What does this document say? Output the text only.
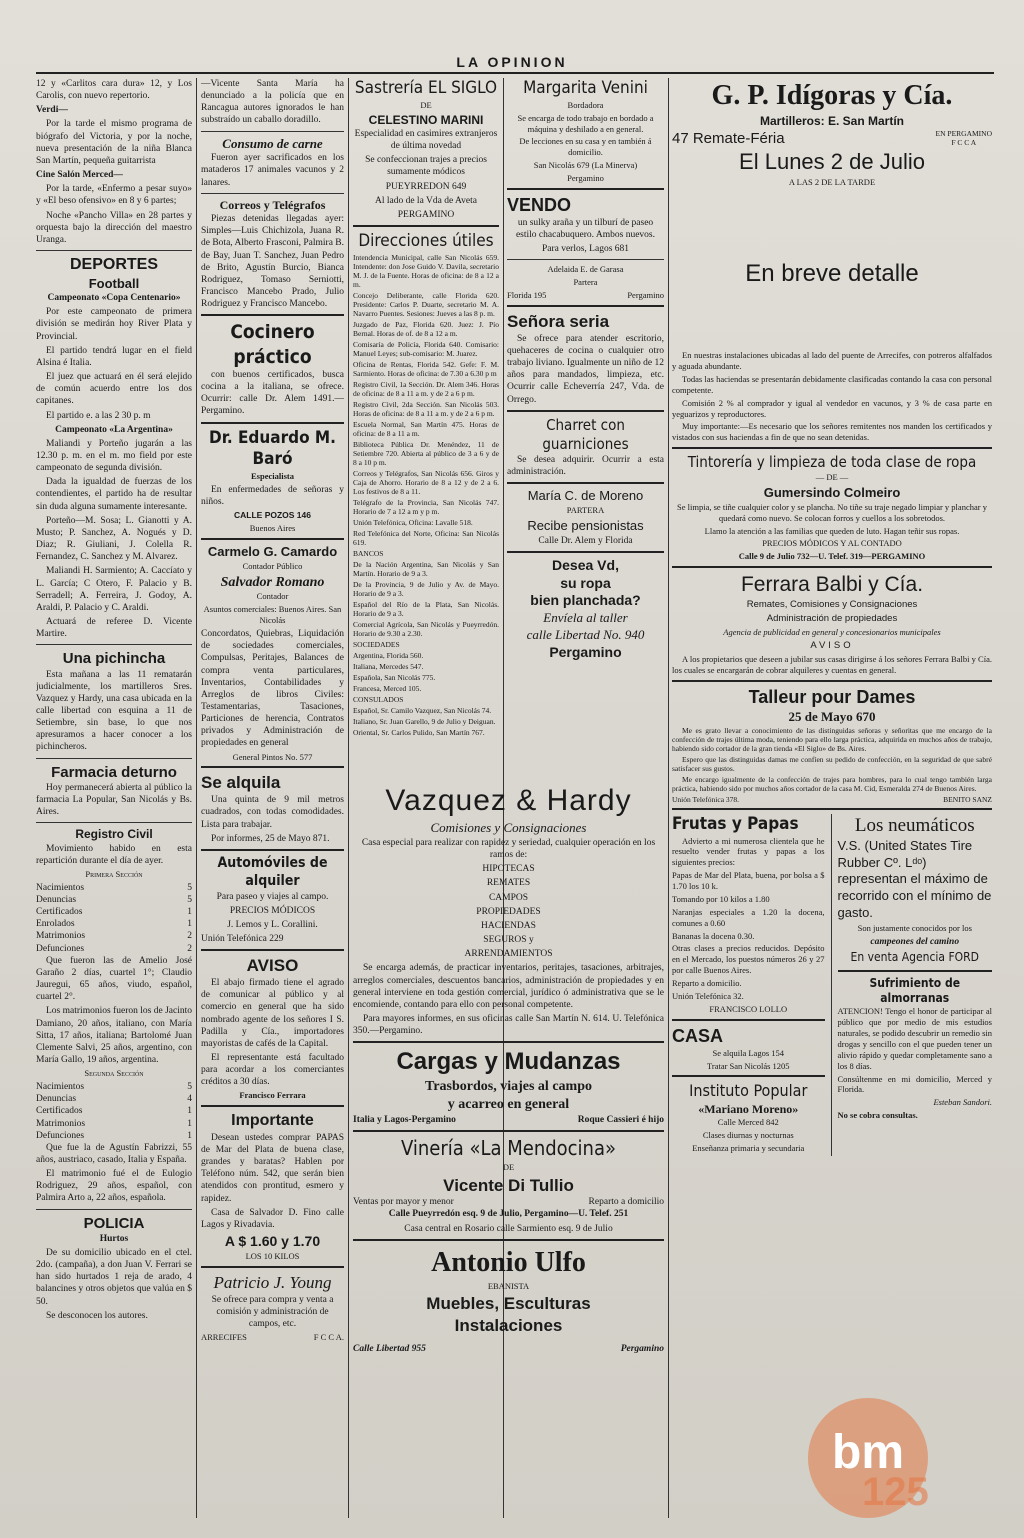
LA OPINION

12 y «Carlitos cara dura» 12, y Los Carolis, con nuevo repertorio.

Verdi—

Por la tarde el mismo programa de biógrafo del Victoria, y por la noche, nueva presentación de la niña Blanca San Martín, pequeña guitarrista

Cine Salón Merced—

Por la tarde, «Enfermo a pesar suyo» y «El beso ofensivo» en 8 y 6 partes;

Noche «Pancho Villa» en 28 partes y orquesta bajo la dirección del maestro Uranga.

DEPORTES
Football

Campeonato «Copa Centenario»

Por este campeonato de primera división se medirán hoy River Plata y Provincial.

El partido tendrá lugar en el field Alsina é Italia.

El juez que actuará en él será elejido de común acuerdo entre los dos capitanes.

El partido e. a las 2 30 p. m

Campeonato «La Argentina»

Maliandi y Porteño jugarán a las 12.30 p. m. en el m. mo field por este campeonato de segunda división.

Dada la igualdad de fuerzas de los contendientes, el partido ha de resultar sin duda alguna sumamente interesante.

Porteño—M. Sosa; L. Gianotti y A. Musto; P. Sanchez, A. Nogués y D. Diaz; R. Giuliani, J. Colella R. Fernandez, C. Sanchez y M. Alvarez.

Maliandi H. Sarmiento; A. Caccíato y L. García; C Otero, F. Palacio y B. Serradell; A. Ferreira, J. Godoy, A. Araldi, P. Palacio y C. Araldi.

Actuará de referee D. Vicente Martire.

Una pichincha

Esta mañana a las 11 rematarán judicialmente, los martilleros Sres. Vazquez y Hardy, una casa ubicada en la calle libertad con esquina a 11 de Setiembre, sin base, lo que nos apresuramos a hacer conocer a los pichincheros.

Farmacia deturno

Hoy permanecerá abierta al público la farmacia La Popular, San Nicolás y Bs. Aires.

Registro Civil

Movimiento habido en esta repartición durante el día de ayer.

Primera Sección

Nacimientos	5
Denuncias	5
Certificados	1
Enrolados	1
Matrimonios	2
Defunciones	2

Que fueron las de Amelio José Garaño 2 días, cuartel 1°; Claudio Jauregui, 65 años, viudo, español, cuartel 2°.

Los matrimonios fueron los de Jacinto Damiano, 20 años, italiano, con María Sitta, 17 años, italiana; Bartolomé Juan Clemente Salvi, 25 años, argentino, con María Gallo, 19 años, argentina.

Segunda Sección

Nacimientos	5
Denuncias	4
Certificados	1
Matrimonios	1
Defunciones	1

Que fue la de Agustín Fabrizzi, 55 años, austriaco, casado, Italia y España.

El matrimonio fué el de Eulogio Rodriguez, 29 años, español, con Palmira Arto a, 22 años, española.

POLICIA

Hurtos

De su domicilio ubicado en el ctel. 2do. (campaña), a don Juan V. Ferrari se han sido hurtados 1 reja de arado, 4 balancines y otros objetos que valúa en $ 50.

Se desconocen los autores.

—Vicente Santa María ha denunciado a la policía que en Rancagua autores ignorados le han substraído un caballo doradillo.

Consumo de carne

Fueron ayer sacrificados en los mataderos 17 animales vacunos y 2 lanares.

Correos y Telégrafos

Piezas detenidas llegadas ayer: Simples—Luis Chichizola, Juana R. de Bota, Alberto Frasconi, Palmira B. de Bay, Juan T. Sanchez, Juan Pedro de Brito, Agustín Burcio, Bianca Rodriguez, Tomaso Serniotti, Francisco Mancebo Prado, Julio Rodriguez y Francisco Mancebo.

Cocinero práctico

con buenos certificados, busca cocina a la italiana, se ofrece. Ocurrir: calle Dr. Alem 1491.—Pergamino.

Dr. Eduardo M. Baró

Especialista

En enfermedades de señoras y niños.

CALLE POZOS 146

Buenos Aires

Carmelo G. Camardo

Contador Público

Salvador Romano

Contador

Asuntos comerciales: Buenos Aires. San Nicolás

Concordatos, Quiebras, Liquidación de sociedades comerciales, Compulsas, Peritajes, Balances de compra venta particulares, Inventarios, Contabilidades y Arreglos de libros Civiles: Testamentarias, Tasaciones, Particiones de herencia, Contratos privados y Administración de propiedades en general

General Pintos No. 577

Se alquila

Una quinta de 9 mil metros cuadrados, con todas comodidades. Lista para trabajar.

Por informes, 25 de Mayo 871.

Automóviles de alquiler

Para paseo y viajes al campo.

PRECIOS MÓDICOS

J. Lemos y L. Corallini.

Unión Telefónica 229

AVISO

El abajo firmado tiene el agrado de comunicar al público y al comercio en general que ha sido nombrado agente de los señores I S. Padilla y Cía., importadores mayoristas de cafés de la Capital.

El representante está facultado para acordar a los comerciantes créditos a 30 días.

Francisco Ferrara

Importante

Desean ustedes comprar PAPAS de Mar del Plata de buena clase, grandes y baratas? Hablen por Teléfono núm. 542, que serán bien atendidos con prontitud, esmero y rapidez.

Casa de Salvador D. Fino calle Lagos y Rivadavia.

A $ 1.60 y 1.70

LOS 10 KILOS

Patricio J. Young

Se ofrece para compra y venta a comisión y administración de campos, etc.

ARRECIFES	F C C A.
Sastrería EL SIGLO

DE

CELESTINO MARINI

Especialidad en casimires extranjeros de última novedad

Se confeccionan trajes a precios sumamente módicos

PUEYRREDON 649

Al lado de la Vda de Aveta

PERGAMINO

Direcciones útiles

Intendencia Municipal, calle San Nicolás 659. Intendente: don Jose Guido V. Davila, secretario M. J. de la Fuente. Horas de oficina: de 8 a 12 a m.

Concejo Deliberante, calle Florida 620. Presidente: Carlos P. Duarte, secretario M. A. Navarro Puentes. Sesiones: Jueves a las 8 p. m.

Juzgado de Paz, Florida 620. Juez: J. Pío Bernal. Horas de of. de 8 a 12 a m.

Comisaría de Policía, Florida 640. Comisario: Manuel Leyes; sub-comisario: M. Juarez.

Oficina de Rentas, Florida 542. Gefe: F. M. Sarmiento. Horas de oficina: de 7.30 a 6.30 p m

Registro Civil, 1a Sección. Dr. Alem 346. Horas de oficina: de 8 a 11 a m. y de 2 a 6 p m.

Registro Civil, 2da Sección. San Nicolás 503. Horas de oficina: de 8 a 11 a m. y de 2 a 6 p m.

Escuela Normal, San Martín 475. Horas de oficina: de 8 a 11 a m.

Biblioteca Pública Dr. Menéndez, 11 de Setiembre 720. Abierta al público de 3 a 6 y de 8 a 10 p m.

Correos y Telégrafos, San Nicolás 656. Giros y Caja de Ahorro. Horario de 8 a 12 y de 2 a 6. Los festivos de 8 a 11.

Telégrafo de la Provincia, San Nicolás 747. Horario de 7 a 12 a m y p m.

Unión Telefónica, Oficina: Lavalle 518.

Red Telefónica del Norte, Oficina: San Nicolás 619.

BANCOS

De la Nación Argentina, San Nicolás y San Martín. Horario de 9 a 3.

De la Provincia, 9 de Julio y Av. de Mayo. Horario de 9 a 3.

Español del Río de la Plata, San Nicolás. Horario de 9 a 3.

Comercial Agrícola, San Nicolás y Pueyrredón. Horario de 9.30 a 2.30.

SOCIEDADES

Argentina, Florida 560.

Italiana, Mercedes 547.

Española, San Nicolás 775.

Francesa, Merced 105.

CONSULADOS

Español, Sr. Camilo Vazquez, San Nicolás 74.

Italiano, Sr. Juan Garello, 9 de Julio y Deiguan.

Oriental, Sr. Carlos Pulido, San Martín 767.

Margarita Venini

Bordadora

Se encarga de todo trabajo en bordado a máquina y deshilado a en general.

De lecciones en su casa y en también á domicilio.

San Nicolás 679 (La Minerva)

Pergamino

VENDO

un sulky araña y un tilburí de paseo estilo chacabuquero. Ambos nuevos.

Para verlos, Lagos 681

Adelaida E. de Garasa

Partera

Florida 195	Pergamino
Señora seria

Se ofrece para atender escritorio, quehaceres de cocina o cualquier otro trabajo liviano. Igualmente un niño de 12 años para mandados, limpieza, etc. Ocurrir calle Echeverría 247, Vda. de Orrego.

Charret con guarniciones

Se desea adquirir. Ocurrir a esta administración.

María C. de Moreno

PARTERA

Recibe pensionistas

Calle Dr. Alem y Florida

Desea Vd,
su ropa
bien planchada?
Envíela al taller
calle Libertad No. 940
Pergamino
Vazquez & Hardy
Comisiones y Consignaciones

Casa especial para realizar con rapidez y seriedad, cualquier operación en los ramos de:

HIPOTECAS

REMATES

CAMPOS

PROPIEDADES

HACIENDAS

SEGUROS y

ARRENDAMIENTOS

Se encarga además, de practicar inventarios, peritajes, tasaciones, arbitrajes, arreglos comerciales, descuentos bancarios, administración de propiedades y en general interviene en toda gestión comercial, jurídico ó administrativa que se le encomiende, contando para ello con personal competente.

Para mayores informes, en sus oficinas calle San Martín N. 614. U. Telefónica 350.—Pergamino.

Cargas y Mudanzas
Trasbordos, viajes al campo
y acarreo en general
Italia y Lagos-Pergamino	Roque Cassieri é hijo
Vinería «La Mendocina»

DE

Vicente Di Tullio
Ventas por mayor y menor	Reparto a domicilio

Calle Pueyrredón esq. 9 de Julio, Pergamino—U. Telef. 251

Casa central en Rosario calle Sarmiento esq. 9 de Julio

Antonio Ulfo

EBANISTA

Muebles, Esculturas
Instalaciones
Calle Libertad 955	Pergamino
G. P. Idígoras y Cía.
Martilleros: E. San Martín
47 Remate-Féria	EN PERGAMINO
F C C A
El Lunes 2 de Julio

A LAS 2 DE LA TARDE

En breve detalle

En nuestras instalaciones ubicadas al lado del puente de Arrecifes, con potreros alfalfados y aguada abundante.

Todas las haciendas se presentarán debidamente clasificadas contando la casa con personal competente.

Comisión 2 % al comprador y igual al vendedor en vacunos, y 3 % de casa parte en yeguarizos y reproductores.

Muy importante:—Es necesario que los señores remitentes nos manden los certificados y vistados con sus haciendas a fin de que no sean detenidas.

Tintorería y limpieza de toda clase de ropa

— DE —

Gumersindo Colmeiro

Se limpia, se tiñe cualquier color y se plancha. No tiñe su traje negado limpiar y planchar y quedará como nuevo. Se colocan forros y cuellos a los sobretodos.

Llamo la atención a las familias que queden de luto. Hagan teñir sus ropas.

PRECIOS MÓDICOS Y AL CONTADO

Calle 9 de Julio 732—U. Telef. 319—PERGAMINO

Ferrara Balbi y Cía.

Remates, Comisiones y Consignaciones

Administración de propiedades

Agencia de publicidad en general y concesionarios municipales

AVISO

A los propietarios que deseen a jubilar sus casas dirigirse á los señores Ferrara Balbi y Cía. los cuales se encargarán de cobrar alquileres y cuentas en general.

Talleur pour Dames
25 de Mayo 670

Me es grato llevar a conocimiento de las distinguidas señoras y señoritas que me encargo de la confección de trajes última moda, teniendo para ello larga práctica, adquirida en muchos años de trabajo, habiendo sido cortador de la gran tienda «El Siglo» de Bs. Aires.

Espero que las distinguidas damas me confíen su pedido de confección, en la seguridad de que sabré satisfacer sus gustos.

Me encargo igualmente de la confección de trajes para hombres, para lo cual tengo también larga práctica, habiendo sido por muchos años cortador de la casa M. Cid, Esmeralda 274 de Buenos Aires.

Unión Telefónica 378.	BENITO SANZ
Frutas y Papas

Advierto a mi numerosa clientela que he resuelto vender frutas y papas a los siguientes precios:

Papas de Mar del Plata, buena, por bolsa a $ 1.70 los 10 k.

Tomando por 10 kilos a 1.80

Naranjas especiales a 1.20 la docena, comunes a 0.60

Bananas la docena 0.30.

Otras clases a precios reducidos. Depósito en el Mercado, los puestos números 26 y 27 por calle Buenos Aires.

Reparto a domicilio.

Unión Telefónica 32.

FRANCISCO LOLLO

CASA

Se alquila Lagos 154

Tratar San Nicolás 1205

Instituto Popular
«Mariano Moreno»

Calle Merced 842

Clases diurnas y nocturnas

Enseñanza primaria y secundaria

Los neumáticos

V.S. (United States Tire Rubber Cº. Lᵈᵒ) representan el máximo de recorrido con el mínimo de gasto.

Son justamente conocidos por los

campeones del camino

En venta Agencia FORD

Sufrimiento de almorranas

ATENCION! Tengo el honor de participar al público que por medio de mis estudios naturales, se podido descubrir un remedio sin drogas y sencillo con el que pueden tener un alivio rápido y quedar completamente sano a los 8 días.

Consúltenme en mi domicilio, Merced y Florida.

Esteban Sandori.

No se cobra consultas.

bm
125
